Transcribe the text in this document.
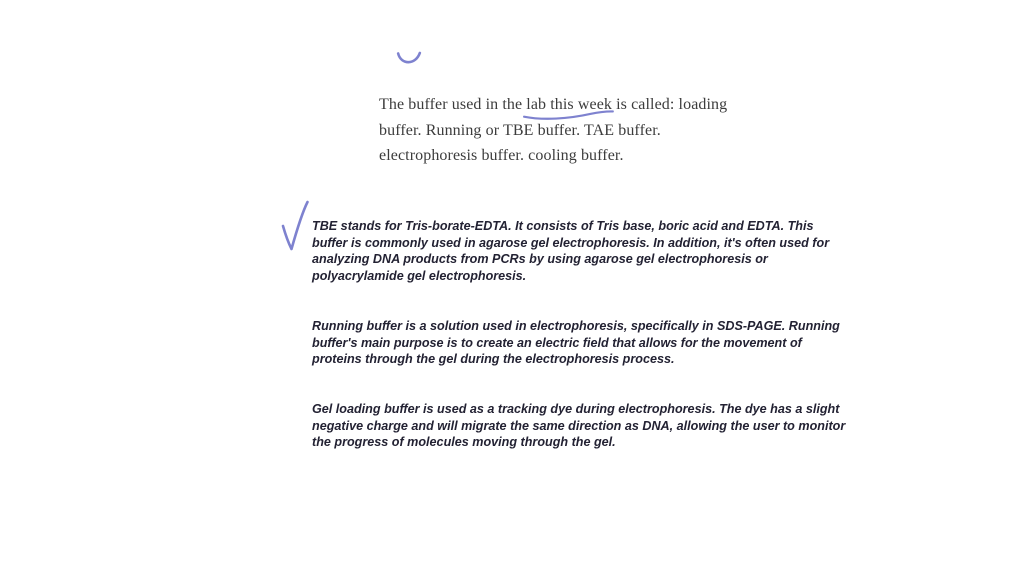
The buffer used in the lab this week
is called: loading
buffer. Running or TBE buffer. TAE buffer.
electrophoresis buffer. cooling buffer.

TBE stands for Tris-borate-EDTA. It consists of Tris base, boric acid and EDTA. This buffer is commonly used in agarose gel electrophoresis. In addition, it's often used for analyzing DNA products from PCRs by using agarose gel electrophoresis or polyacrylamide gel electrophoresis.

Running buffer is a solution used in electrophoresis, specifically in SDS-PAGE. Running buffer's main purpose is to create an electric field that allows for the movement of proteins through the gel during the electrophoresis process.

Gel loading buffer is used as a tracking dye during electrophoresis. The dye has a slight negative charge and will migrate the same direction as DNA, allowing the user to monitor the progress of molecules moving through the gel.
